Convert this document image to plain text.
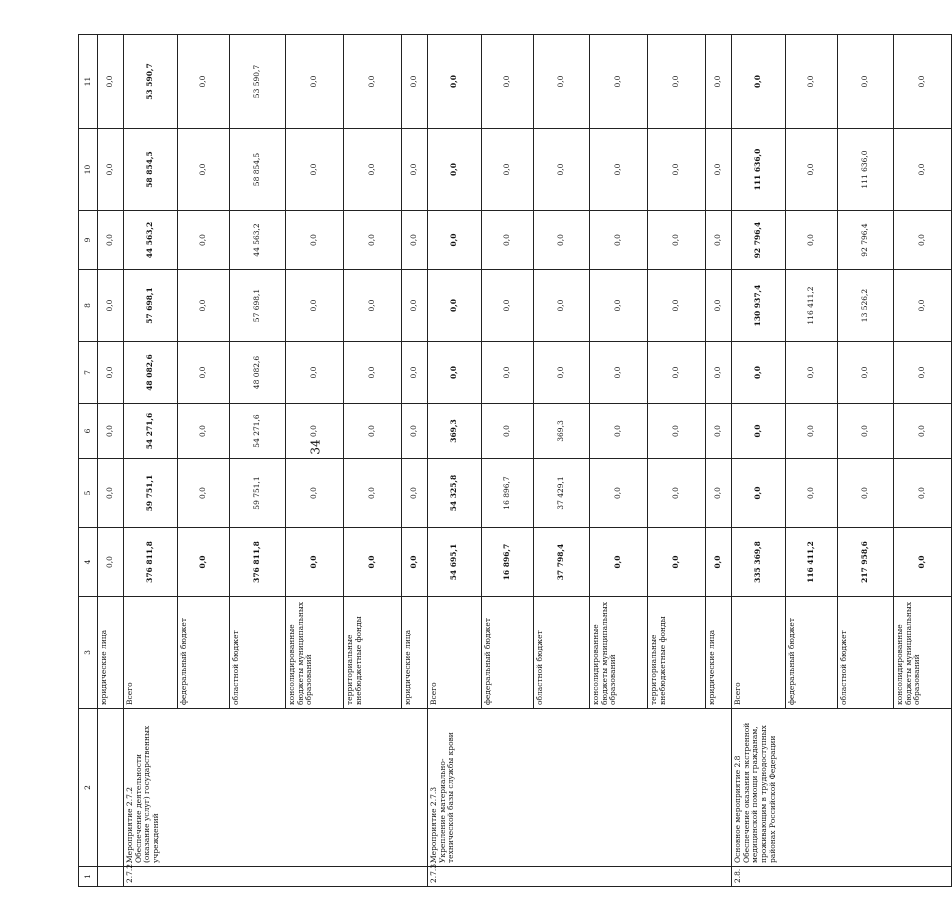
34
1	2	3	4	5	6	7	8	9	10	11
		юридические лица	0,0	0,0	0,0	0,0	0,0	0,0	0,0	0,0
2.7.2.	Мероприятие 2.7.2
Обеспечение деятельности (оказание услуг) государственных учреждений	Всего	376 811,8	59 751,1	54 271,6	48 082,6	57 698,1	44 563,2	58 854,5	53 590,7
		федеральный бюджет	0,0	0,0	0,0	0,0	0,0	0,0	0,0	0,0
		областной бюджет	376 811,8	59 751,1	54 271,6	48 082,6	57 698,1	44 563,2	58 854,5	53 590,7
		консолидированные бюджеты муниципальных образований	0,0	0,0	0,0	0,0	0,0	0,0	0,0	0,0
		территориальные внебюджетные фонды	0,0	0,0	0,0	0,0	0,0	0,0	0,0	0,0
		юридические лица	0,0	0,0	0,0	0,0	0,0	0,0	0,0	0,0
2.7.3.	Мероприятие 2.7.3
Укрепление материально-технической базы службы крови	Всего	54 695,1	54 325,8	369,3	0,0	0,0	0,0	0,0	0,0
		федеральный бюджет	16 896,7	16 896,7	0,0	0,0	0,0	0,0	0,0	0,0
		областной бюджет	37 798,4	37 429,1	369,3	0,0	0,0	0,0	0,0	0,0
		консолидированные бюджеты муниципальных образований	0,0	0,0	0,0	0,0	0,0	0,0	0,0	0,0
		территориальные внебюджетные фонды	0,0	0,0	0,0	0,0	0,0	0,0	0,0	0,0
		юридические лица	0,0	0,0	0,0	0,0	0,0	0,0	0,0	0,0
2.8.	Основное мероприятие 2.8
Обеспечение оказания экстренной медицинской помощи гражданам, проживающим в труднодоступных районах Российской Федерации	Всего	335 369,8	0,0	0,0	0,0	130 937,4	92 796,4	111 636,0	0,0
		федеральный бюджет	116 411,2	0,0	0,0	0,0	116 411,2	0,0	0,0	0,0
		областной бюджет	217 958,6	0,0	0,0	0,0	13 526,2	92 796,4	111 636,0	0,0
		консолидированные бюджеты муниципальных образований	0,0	0,0	0,0	0,0	0,0	0,0	0,0	0,0
